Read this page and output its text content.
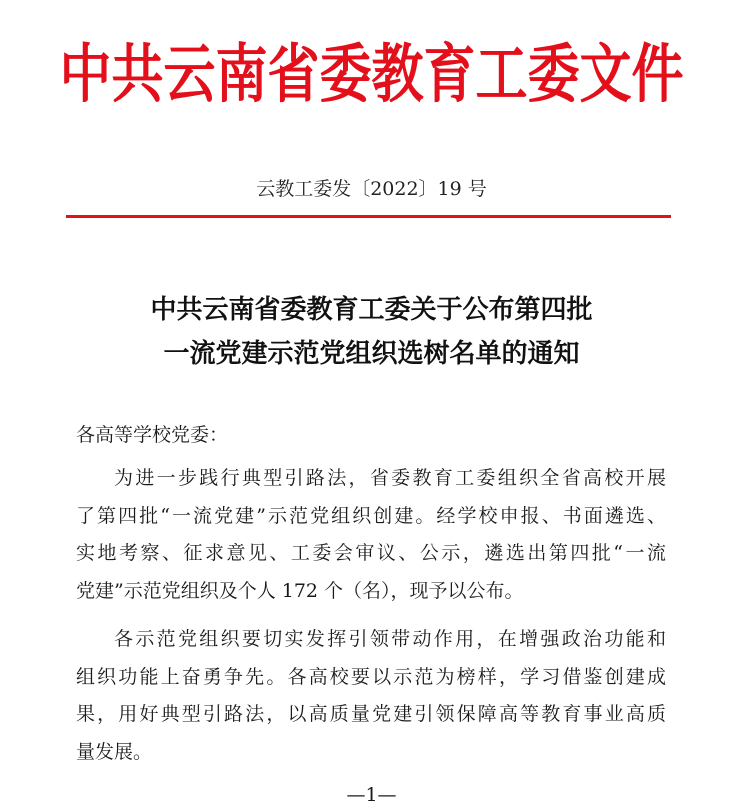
中共云南省委教育工委文件
云教工委发〔2022〕19 号
中共云南省委教育工委关于公布第四批
一流党建示范党组织选树名单的通知
各高等学校党委：
为进一步践行典型引路法，省委教育工委组织全省高校开展
了第四批“一流党建”示范党组织创建。经学校申报、书面遴选、
实地考察、征求意见、工委会审议、公示，遴选出第四批“一流
党建”示范党组织及个人 172 个（名），现予以公布。
各示范党组织要切实发挥引领带动作用，在增强政治功能和
组织功能上奋勇争先。各高校要以示范为榜样，学习借鉴创建成
果，用好典型引路法，以高质量党建引领保障高等教育事业高质
量发展。
—1—
